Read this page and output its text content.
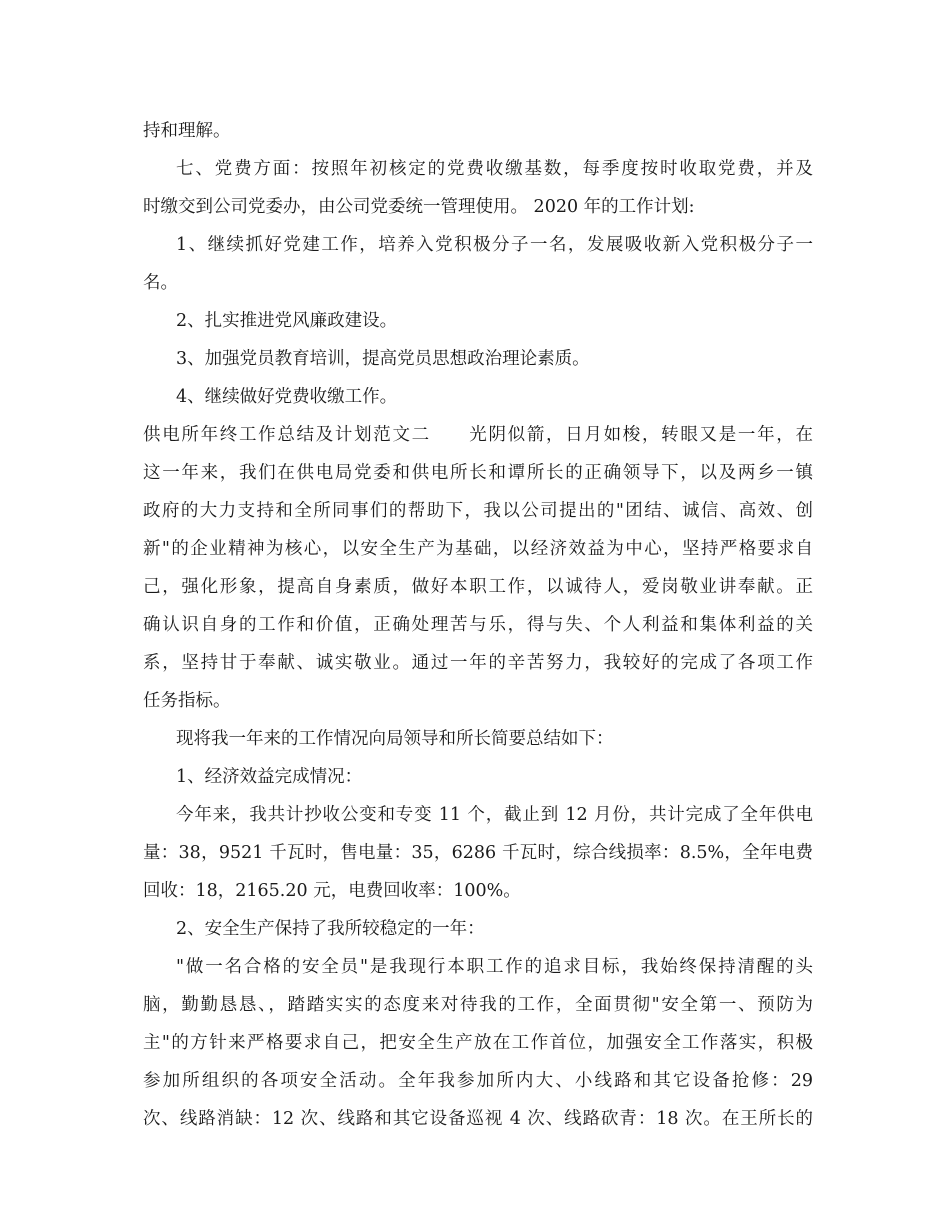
持和理解。
七、党费方面：按照年初核定的党费收缴基数，每季度按时收取党费，并及
时缴交到公司党委办，由公司党委统一管理使用。 2020 年的工作计划:
1、继续抓好党建工作，培养入党积极分子一名，发展吸收新入党积极分子一
名。
2、扎实推进党风廉政建设。
3、加强党员教育培训，提高党员思想政治理论素质。
4、继续做好党费收缴工作。
供电所年终工作总结及计划范文二　　光阴似箭，日月如梭，转眼又是一年，在
这一年来，我们在供电局党委和供电所长和谭所长的正确领导下，以及两乡一镇
政府的大力支持和全所同事们的帮助下，我以公司提出的"团结、诚信、高效、创
新"的企业精神为核心，以安全生产为基础，以经济效益为中心，坚持严格要求自
己，强化形象，提高自身素质，做好本职工作，以诚待人，爱岗敬业讲奉献。正
确认识自身的工作和价值，正确处理苦与乐，得与失、个人利益和集体利益的关
系，坚持甘于奉献、诚实敬业。通过一年的辛苦努力，我较好的完成了各项工作
任务指标。
现将我一年来的工作情况向局领导和所长简要总结如下：
1、经济效益完成情况：
今年来，我共计抄收公变和专变 11 个，截止到 12 月份，共计完成了全年供电
量：38，9521 千瓦时，售电量：35，6286 千瓦时，综合线损率：8.5%，全年电费
回收：18，2165.20 元，电费回收率：100%。
2、安全生产保持了我所较稳定的一年：
"做一名合格的安全员"是我现行本职工作的追求目标，我始终保持清醒的头
脑，勤勤恳恳、，踏踏实实的态度来对待我的工作，全面贯彻"安全第一、预防为
主"的方针来严格要求自己，把安全生产放在工作首位，加强安全工作落实，积极
参加所组织的各项安全活动。全年我参加所内大、小线路和其它设备抢修：29
次、线路消缺：12 次、线路和其它设备巡视 4 次、线路砍青：18 次。在王所长的
